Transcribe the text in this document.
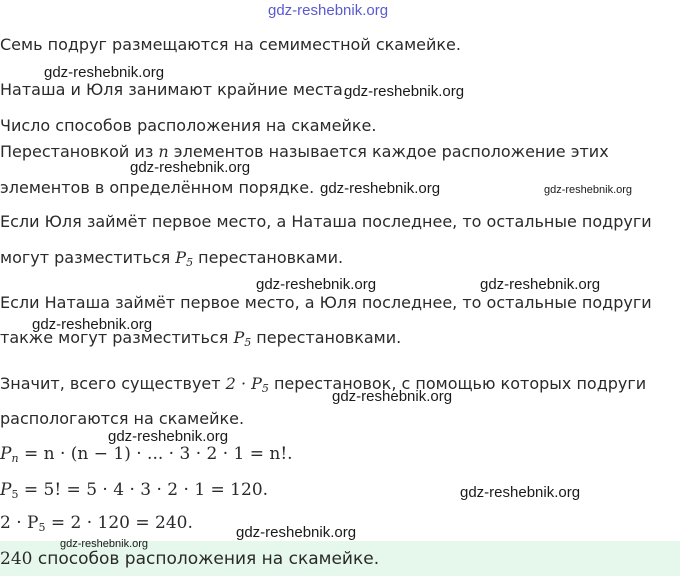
gdz-reshebnik.org
Семь подруг размещаются на семиместной скамейке.
Наташа и Юля занимают крайние места.
Число способов расположения на скамейке.
Перестановкой из n элементов называется каждое расположение этих
элементов в определённом порядке.
Если Юля займёт первое место, а Наташа последнее, то остальные подруги
могут разместиться $P_5$ перестановками.
Если Наташа займёт первое место, а Юля последнее, то остальные подруги
также могут разместиться $P_5$ перестановками.
Значит, всего существует $2 \cdot P_5$ перестановок, с помощью которых подруги
распологаются на скамейке.
$P_n = n \cdot (n - 1)$ · ... · 3 · 2 · 1 = n!.
$P_5 = 5$! = 5 · 4 · 3 · 2 · 1 = 120.
$2 \cdot P_5 = 2 \cdot 120 = 240$.
240 способов расположения на скамейке.
gdz-reshebnik.org
gdz-reshebnik.org
gdz-reshebnik.org
gdz-reshebnik.org	gdz-reshebnik.org
gdz-reshebnik.org	gdz-reshebnik.org
gdz-reshebnik.org
gdz-reshebnik.org
gdz-reshebnik.org
gdz-reshebnik.org
gdz-reshebnik.org
gdz-reshebnik.org
